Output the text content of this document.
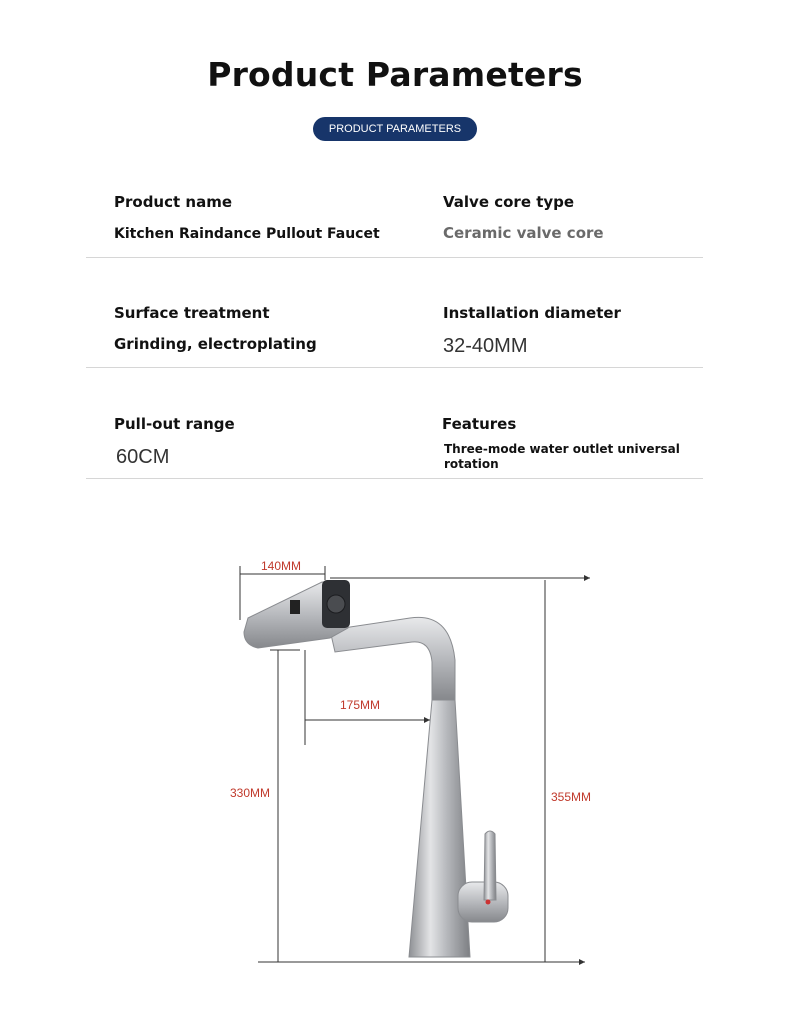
Product Parameters
PRODUCT PARAMETERS
Product name
Kitchen Raindance Pullout Faucet
Valve core type
Ceramic valve core
Surface treatment
Grinding, electroplating
Installation diameter
32-40MM
Pull-out range
60CM
Features
Three-mode water outlet universal rotation
140MM
175MM
330MM	355MM
